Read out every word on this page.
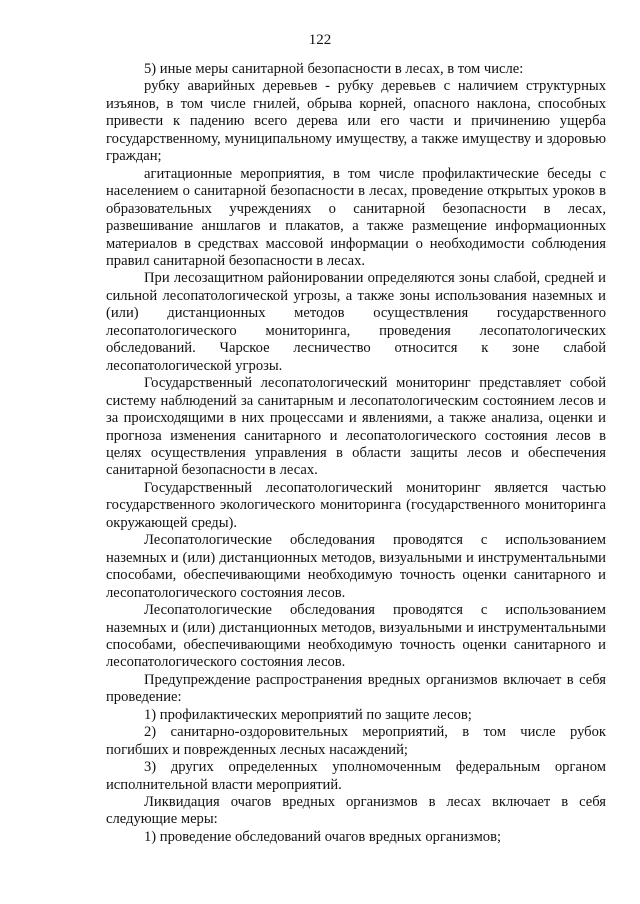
122

5) иные меры санитарной безопасности в лесах, в том числе:

рубку аварийных деревьев - рубку деревьев с наличием структурных изъянов, в том числе гнилей, обрыва корней, опасного наклона, способных привести к падению всего дерева или его части и причинению ущерба государственному, муниципальному имуществу, а также имуществу и здоровью граждан;

агитационные мероприятия, в том числе профилактические беседы с населением о санитарной безопасности в лесах, проведение открытых уроков в образовательных учреждениях о санитарной безопасности в лесах, развешивание аншлагов и плакатов, а также размещение информационных материалов в средствах массовой информации о необходимости соблюдения правил санитарной безопасности в лесах.

При лесозащитном районировании определяются зоны слабой, средней и сильной лесопатологической угрозы, а также зоны использования наземных и (или) дистанционных методов осуществления государственного лесопатологического мониторинга, проведения лесопатологических обследований. Чарское лесничество относится к зоне слабой лесопатологической угрозы.

Государственный лесопатологический мониторинг представляет собой систему наблюдений за санитарным и лесопатологическим состоянием лесов и за происходящими в них процессами и явлениями, а также анализа, оценки и прогноза изменения санитарного и лесопатологического состояния лесов в целях осуществления управления в области защиты лесов и обеспечения санитарной безопасности в лесах.

Государственный лесопатологический мониторинг является частью государственного экологического мониторинга (государственного мониторинга окружающей среды).

Лесопатологические обследования проводятся с использованием наземных и (или) дистанционных методов, визуальными и инструментальными способами, обеспечивающими необходимую точность оценки санитарного и лесопатологического состояния лесов.

Лесопатологические обследования проводятся с использованием наземных и (или) дистанционных методов, визуальными и инструментальными способами, обеспечивающими необходимую точность оценки санитарного и лесопатологического состояния лесов.

Предупреждение распространения вредных организмов включает в себя проведение:

1) профилактических мероприятий по защите лесов;

2) санитарно-оздоровительных мероприятий, в том числе рубок погибших и поврежденных лесных насаждений;

3) других определенных уполномоченным федеральным органом исполнительной власти мероприятий.

Ликвидация очагов вредных организмов в лесах включает в себя следующие меры:

1) проведение обследований очагов вредных организмов;
